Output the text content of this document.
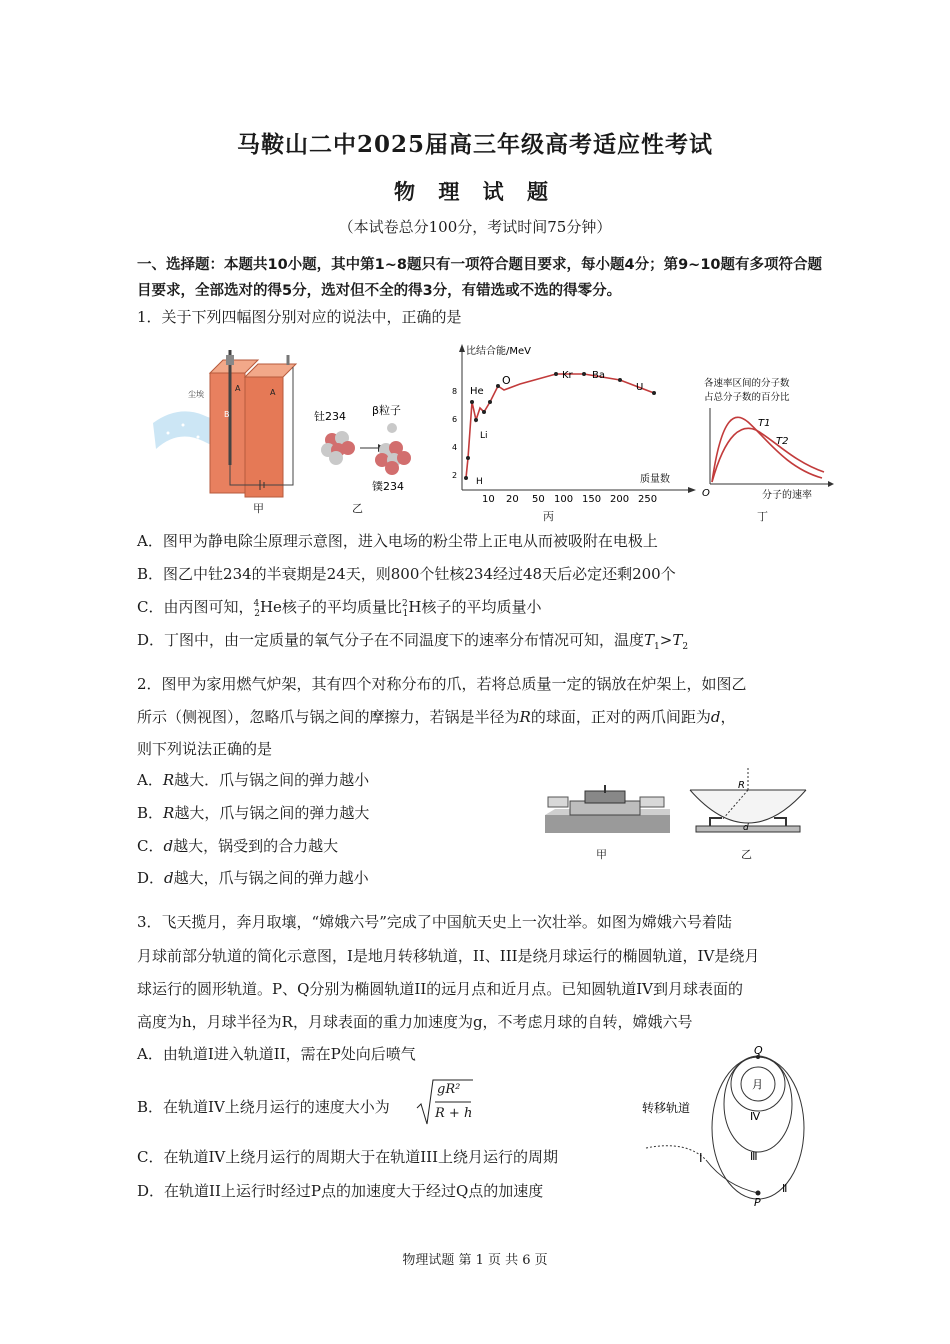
马鞍山二中2025届高三年级高考适应性考试
物 理 试 题
（本试卷总分100分，考试时间75分钟）
一、选择题：本题共10小题，其中第1~8题只有一项符合题目要求，每小题4分；第9~10题有多项符合题目要求，全部选对的得5分，选对但不全的得3分，有错选或不选的得零分。
1．关于下列四幅图分别对应的说法中，正确的是
尘埃
A	A
B
甲
钍234 β粒子
镤234
乙
比结合能/MeV
质量数
8
6
4
2
10 20 50 100 150 200 250
He
O	Kr Ba
U
Li
H
丙
各速率区间的分子数
占总分子数的百分比
O	分子的速率
T1
T2
丁
A．图甲为静电除尘原理示意图，进入电场的粉尘带上正电从而被吸附在电极上
B．图乙中钍234的半衰期是24天，则800个钍核234经过48天后必定还剩200个
C．由丙图可知，$^4_2$He核子的平均质量比$^2_1$H核子的平均质量小
D．丁图中，由一定质量的氧气分子在不同温度下的速率分布情况可知，温度$T_1>T_2$
2．图甲为家用燃气炉架，其有四个对称分布的爪，若将总质量一定的锅放在炉架上，如图乙
所示（侧视图），忽略爪与锅之间的摩擦力，若锅是半径为R的球面，正对的两爪间距为d，
则下列说法正确的是
A．R越大．爪与锅之间的弹力越小
B．R越大，爪与锅之间的弹力越大
C．d越大，锅受到的合力越大
D．d越大，爪与锅之间的弹力越小
甲
R
d
乙
3．飞天揽月，奔月取壤，“嫦娥六号”完成了中国航天史上一次壮举。如图为嫦娥六号着陆
月球前部分轨道的简化示意图，I是地月转移轨道，II、III是绕月球运行的椭圆轨道，IV是绕月
球运行的圆形轨道。P、Q分别为椭圆轨道II的远月点和近月点。已知圆轨道IV到月球表面的
高度为h，月球半径为R，月球表面的重力加速度为g，不考虑月球的自转，嫦娥六号
A．由轨道I进入轨道II，需在P处向后喷气
B．在轨道IV上绕月运行的速度大小为
gR²
R + h
C．在轨道IV上绕月运行的周期大于在轨道III上绕月运行的周期
D．在轨道II上运行时经过P点的加速度大于经过Q点的加速度
转移轨道
月
Q
P
I
Ⅱ
Ⅲ
Ⅳ
物理试题 第 1 页 共 6 页
